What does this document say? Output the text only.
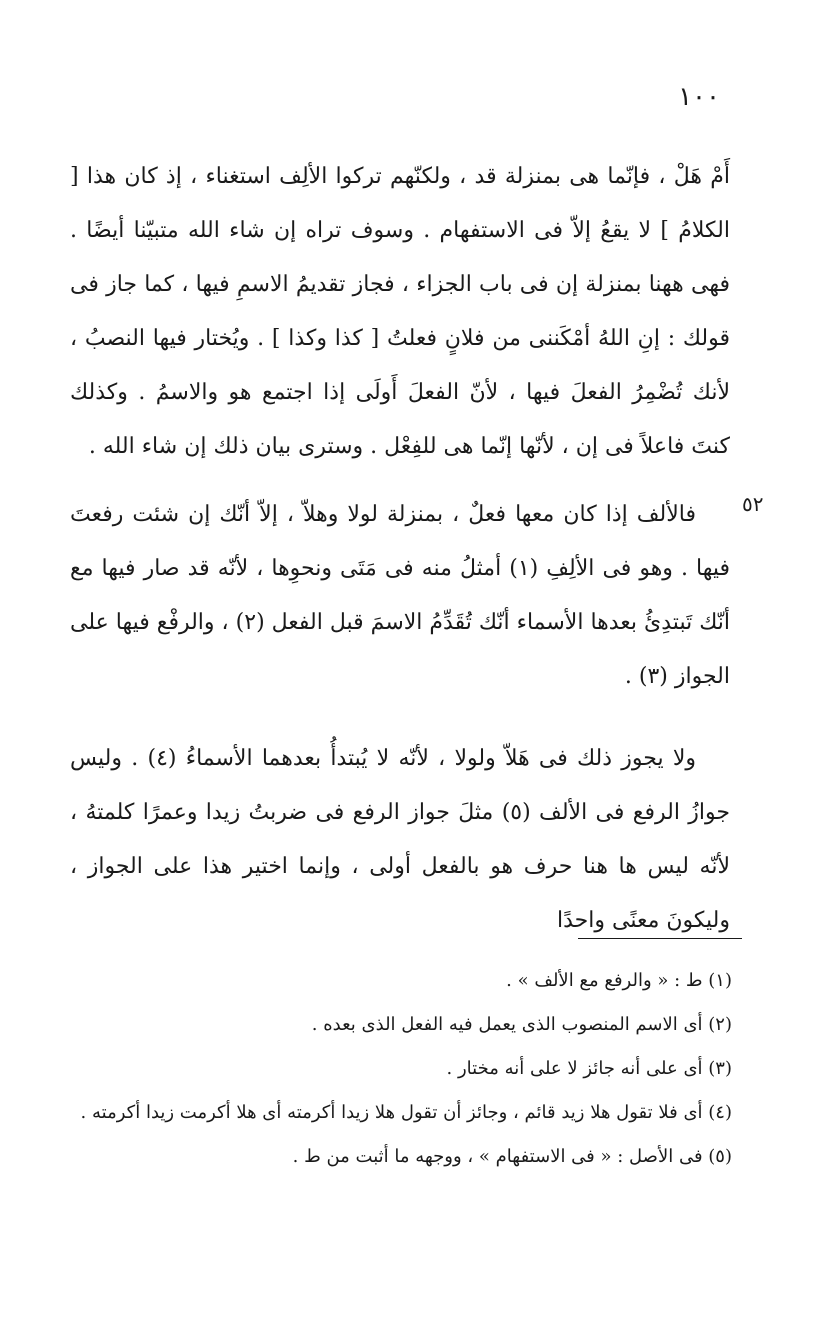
١٠٠
أَمْ هَلْ ، فإنّما هى بمنزلة قد ، ولكنّهم تركوا الألِف استغناء ، إذ كان هذا [ الكلامُ ] لا يقعُ إلاّ فى الاستفهام . وسوف تراه إن شاء الله متبيّنا أيضًا . فهى ههنا بمنزلة إن فى باب الجزاء ، فجاز تقديمُ الاسمِ فيها ، كما جاز فى قولك : إنِ اللهُ أمْكَننى من فلانٍ فعلتُ [ كذا وكذا ] . ويُختار فيها النصبُ ، لأنك تُضْمِرُ الفعلَ فيها ، لأنّ الفعلَ أَولَى إذا اجتمع هو والاسمُ . وكذلك كنتَ فاعلاً فى إن ، لأنّها إنّما هى للفِعْل . وسترى بيان ذلك إن شاء الله .
٥٢
فالألف إذا كان معها فعلٌ ، بمنزلة لولا وهلاّ ، إلاّ أنّك إن شئت رفعتَ فيها . وهو فى الألِفِ (١) أمثلُ منه فى مَتَى ونحوِها ، لأنّه قد صار فيها مع أنّك تَبتدِئُ بعدها الأسماء أنّك تُقَدِّمُ الاسمَ قبل الفعل (٢) ، والرفْع فيها على الجواز (٣) .
ولا يجوز ذلك فى هَلاّ ولولا ، لأنّه لا يُبتدأُ بعدهما الأسماءُ (٤) . وليس جوازُ الرفع فى الألف (٥) مثلَ جواز الرفع فى ضربتُ زيدا وعمرًا كلمتهُ ، لأنّه ليس ها هنا حرف هو بالفعل أولى ، وإنما اختير هذا على الجواز ، وليكونَ معنًى واحدًا

(١) ط : « والرفع مع الألف » .

(٢) أى الاسم المنصوب الذى يعمل فيه الفعل الذى بعده .

(٣) أى على أنه جائز لا على أنه مختار .

(٤) أى فلا تقول هلا زيد قائم ، وجائز أن تقول هلا زيدا أكرمته أى هلا أكرمت زيدا أكرمته .

(٥) فى الأصل : « فى الاستفهام » ، ووجهه ما أثبت من ط .
